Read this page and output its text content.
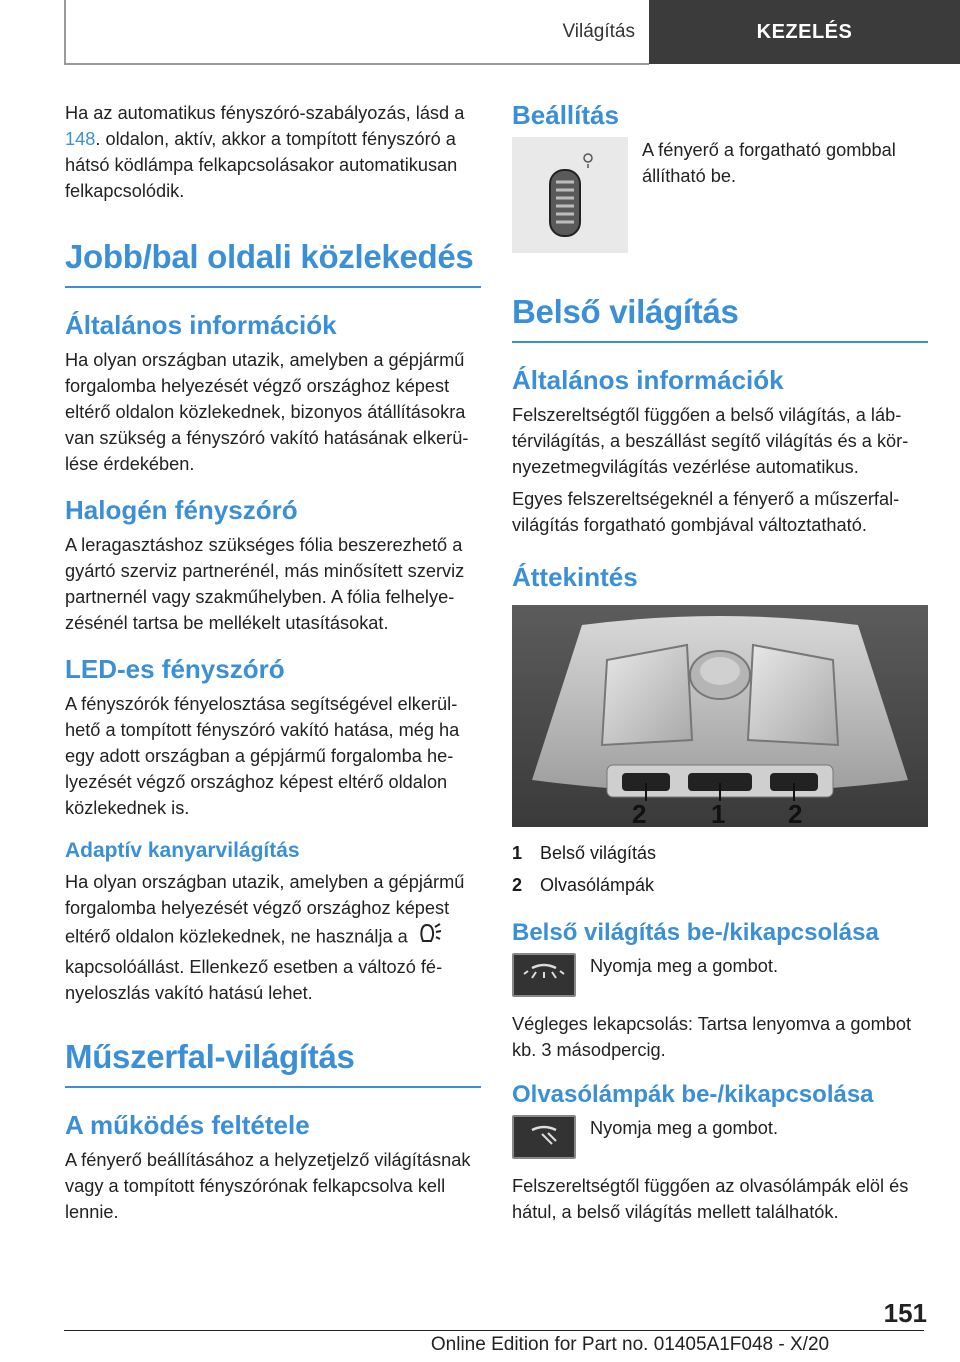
Világítás	KEZELÉS

Ha az automatikus fényszóró-szabályozás, lásd a 148. oldalon, aktív, akkor a tompított fényszóró a hátsó ködlámpa felkapcsolásakor automatikusan felkapcsolódik.

Jobb/bal oldali közlekedés
Általános információk

Ha olyan országban utazik, amelyben a gépjármű forgalomba helyezését végző országhoz képest eltérő oldalon közlekednek, bizonyos átállításokra van szükség a fényszóró vakító hatásának elkerülése érdekében.

Halogén fényszóró

A leragasztáshoz szükséges fólia beszerezhető a gyártó szerviz partnerénél, más minősített szerviz partnernél vagy szakműhelyben. A fólia felhelyezésénél tartsa be mellékelt utasításokat.

LED-es fényszóró

A fényszórók fényelosztása segítségével elkerülhető a tompított fényszóró vakító hatása, még ha egy adott országban a gépjármű forgalomba helyezését végző országhoz képest eltérő oldalon közlekednek is.

Adaptív kanyarvilágítás

Ha olyan országban utazik, amelyben a gépjármű forgalomba helyezését végző országhoz képest eltérő oldalon közlekednek, ne használja a  kapcsolóállást. Ellenkező esetben a változó fényeloszlás vakító hatású lehet.

Műszerfal-világítás
A működés feltétele

A fényerő beállításához a helyzetjelző világításnak vagy a tompított fényszórónak felkapcsolva kell lennie.

Beállítás

A fényerő a forgatható gombbal állítható be.

Belső világítás
Általános információk

Felszereltségtől függően a belső világítás, a lábtérvilágítás, a beszállást segítő világítás és a környezetmegvilágítás vezérlése automatikus.

Egyes felszereltségeknél a fényerő a műszerfalvilágítás forgatható gombjával változtatható.

Áttekintés
2 1 2
1 Belső világítás
2 Olvasólámpák
Belső világítás be-/kikapcsolása

Nyomja meg a gombot.

Végleges lekapcsolás: Tartsa lenyomva a gombot kb. 3 másodpercig.

Olvasólámpák be-/kikapcsolása

Nyomja meg a gombot.

Felszereltségtől függően az olvasólámpák elöl és hátul, a belső világítás mellett találhatók.

151
Online Edition for Part no. 01405A1F048 - X/20
